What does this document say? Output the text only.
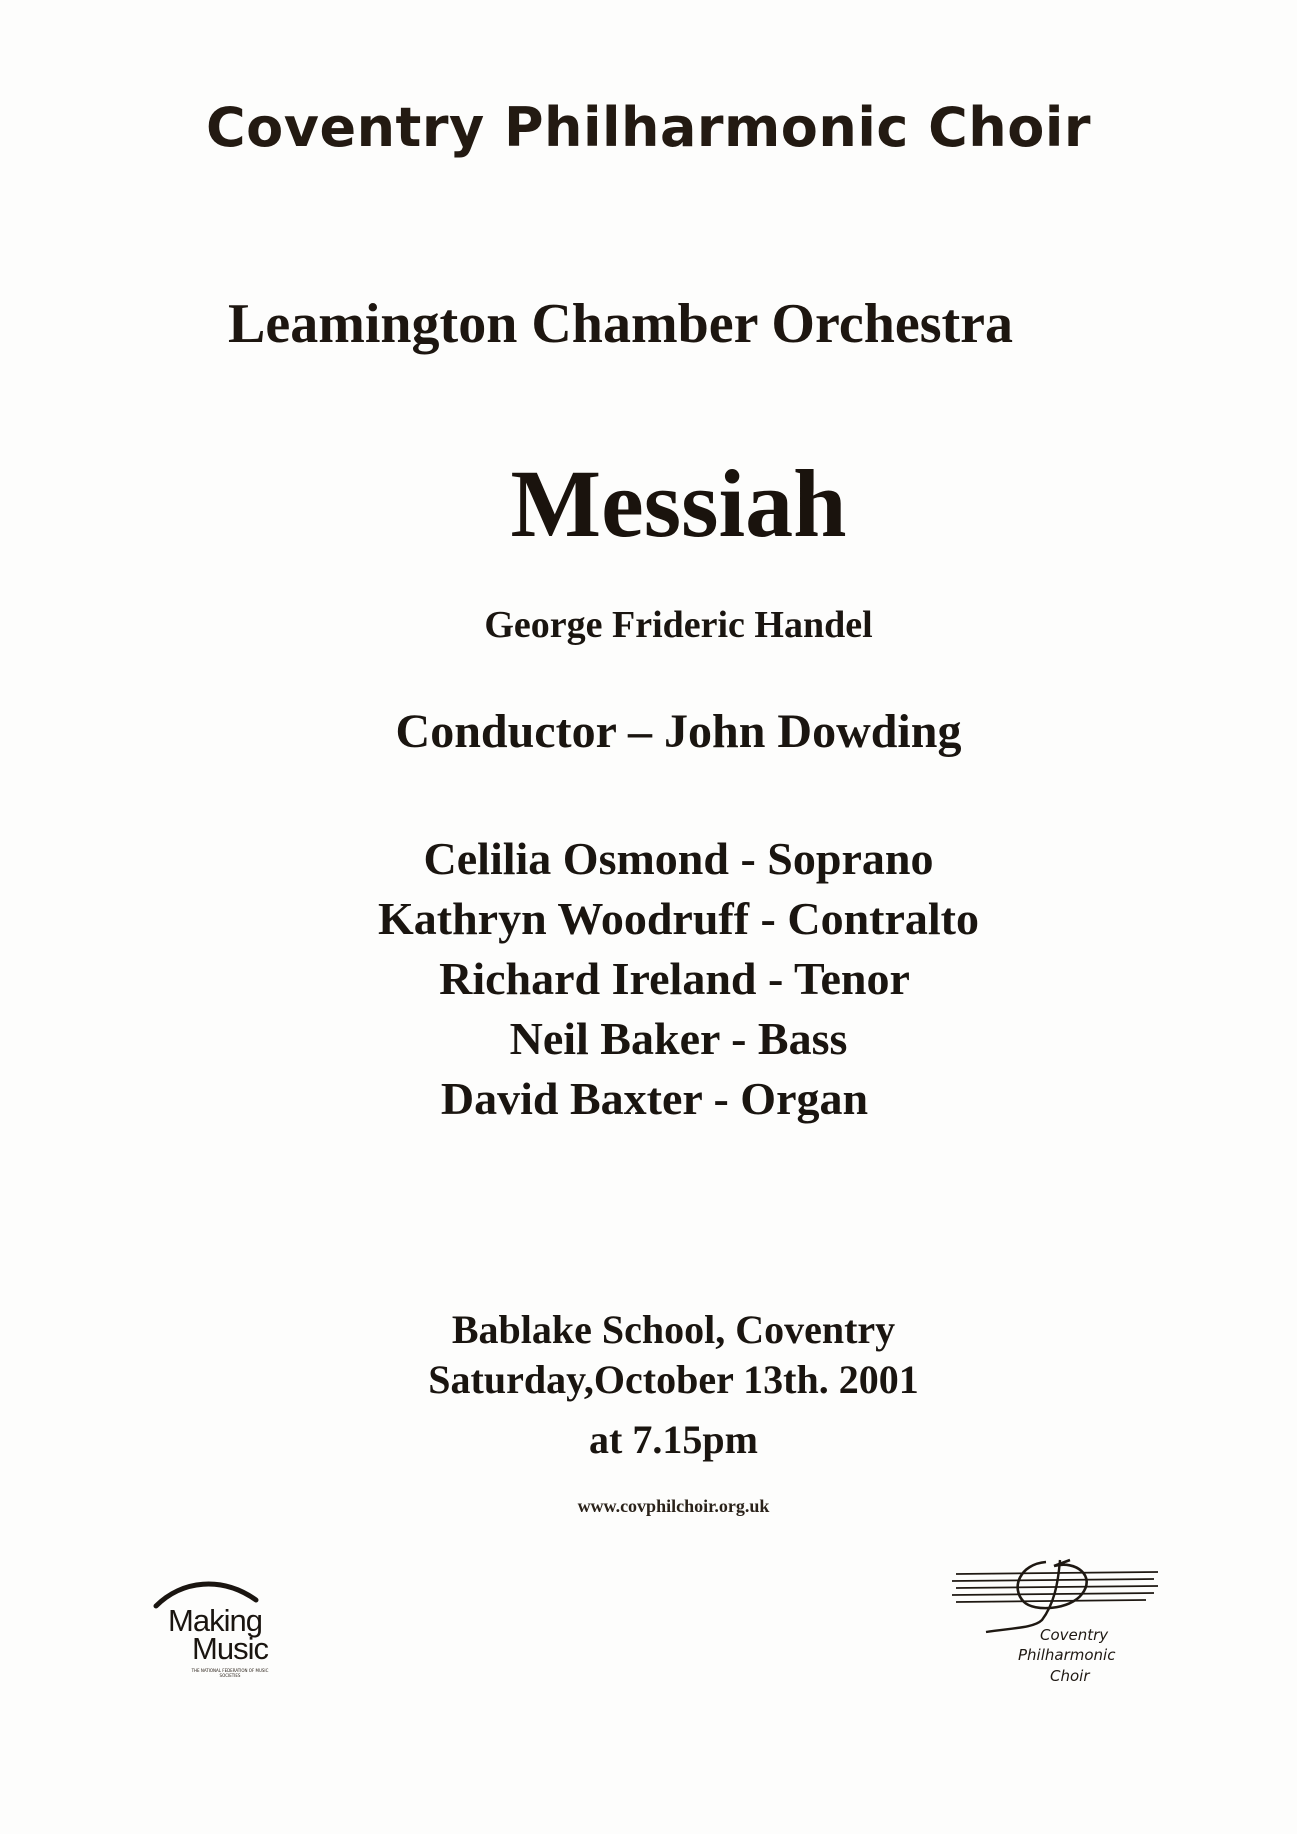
Coventry Philharmonic Choir
Leamington Chamber Orchestra
Messiah
George Frideric Handel
Conductor – John Dowding
Celilia Osmond - Soprano
Kathryn Woodruff - Contralto
Richard Ireland - Tenor
Neil Baker - Bass
David Baxter - Organ
Bablake School, Coventry
Saturday,October 13th. 2001
at 7.15pm
www.covphilchoir.org.uk
Making
Music
THE NATIONAL FEDERATION OF MUSIC SOCIETIES
Coventry
Philharmonic
Choir
